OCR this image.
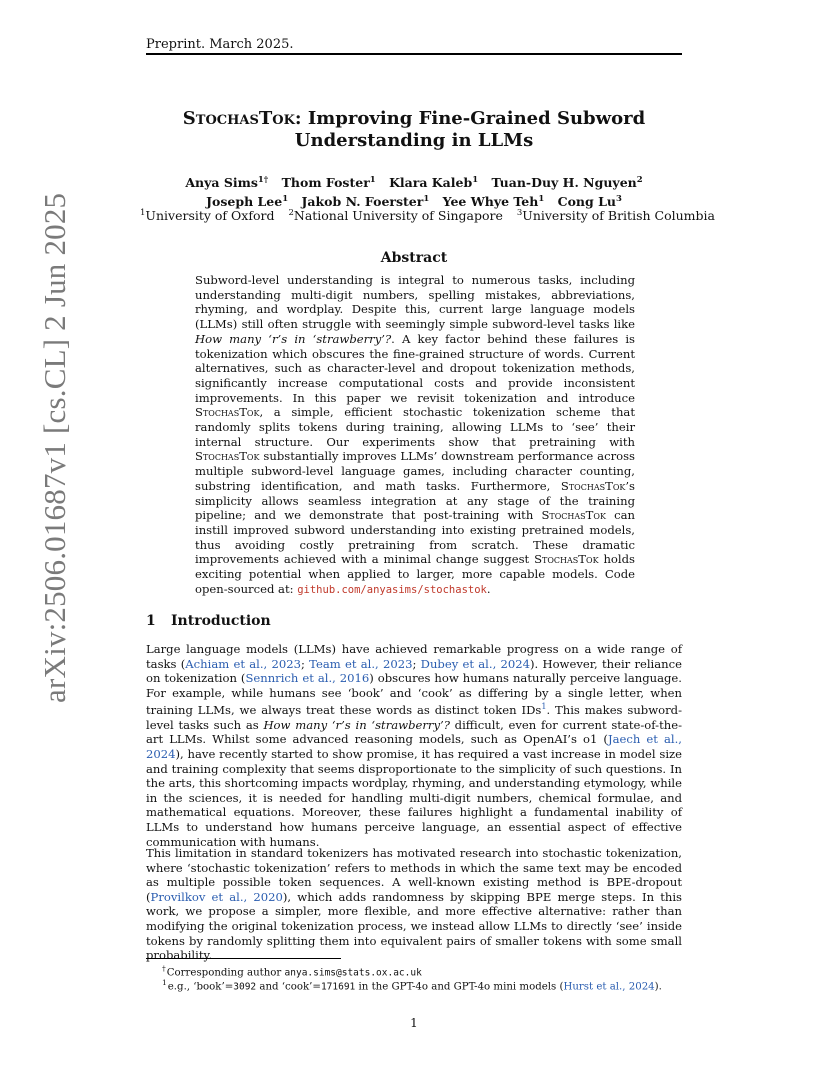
Preprint. March 2025.
arXiv:2506.01687v1 [cs.CL] 2 Jun 2025
StochasTok: Improving Fine-Grained Subword
Understanding in LLMs
Anya Sims$^{1\dagger}$ Thom Foster$^1$ Klara Kaleb$^1$ Tuan-Duy H. Nguyen$^2$
Joseph Lee$^1$ Jakob N. Foerster$^1$ Yee Whye Teh$^1$ Cong Lu$^3$
$^1$University of Oxford $^2$National University of Singapore $^3$University of British Columbia
Abstract
Subword-level understanding is integral to numerous tasks, including understanding multi-digit numbers, spelling mistakes, abbreviations, rhyming, and wordplay. Despite this, current large language models (LLMs) still often struggle with seemingly simple subword-level tasks like How many ‘r’s in ‘strawberry’?. A key factor behind these failures is tokenization which obscures the fine-grained structure of words. Current alternatives, such as character-level and dropout tokenization methods, significantly increase computational costs and provide inconsistent improvements. In this paper we revisit tokenization and introduce StochasTok, a simple, efficient stochastic tokenization scheme that randomly splits tokens during training, allowing LLMs to ‘see’ their internal structure. Our experiments show that pretraining with StochasTok substantially improves LLMs’ downstream performance across multiple subword-level language games, including character counting, substring identification, and math tasks. Furthermore, StochasTok’s simplicity allows seamless integration at any stage of the training pipeline; and we demonstrate that post-training with StochasTok can instill improved subword understanding into existing pretrained models, thus avoiding costly pretraining from scratch. These dramatic improvements achieved with a minimal change suggest StochasTok holds exciting potential when applied to larger, more capable models. Code open-sourced at: github.com/anyasims/stochastok.
1 Introduction
Large language models (LLMs) have achieved remarkable progress on a wide range of tasks (Achiam et al., 2023; Team et al., 2023; Dubey et al., 2024). However, their reliance on tokenization (Sennrich et al., 2016) obscures how humans naturally perceive language. For example, while humans see ‘book’ and ‘cook’ as differing by a single letter, when training LLMs, we always treat these words as distinct token IDs$^1$. This makes subword-level tasks such as How many ‘r’s in ‘strawberry’? difficult, even for current state-of-the-art LLMs. Whilst some advanced reasoning models, such as OpenAI’s o1 (Jaech et al., 2024), have recently started to show promise, it has required a vast increase in model size and training complexity that seems disproportionate to the simplicity of such questions. In the arts, this shortcoming impacts wordplay, rhyming, and understanding etymology, while in the sciences, it is needed for handling multi-digit numbers, chemical formulae, and mathematical equations. Moreover, these failures highlight a fundamental inability of LLMs to understand how humans perceive language, an essential aspect of effective communication with humans.
This limitation in standard tokenizers has motivated research into stochastic tokenization, where ‘stochastic tokenization’ refers to methods in which the same text may be encoded as multiple possible token sequences. A well-known existing method is BPE-dropout (Provilkov et al., 2020), which adds randomness by skipping BPE merge steps. In this work, we propose a simpler, more flexible, and more effective alternative: rather than modifying the original tokenization process, we instead allow LLMs to directly ‘see’ inside tokens by randomly splitting them into equivalent pairs of smaller tokens with some small probability.
†Corresponding author anya.sims@stats.ox.ac.uk
$^1$e.g., ‘book’=3092 and ‘cook’=171691 in the GPT-4o and GPT-4o mini models (Hurst et al., 2024).
1
